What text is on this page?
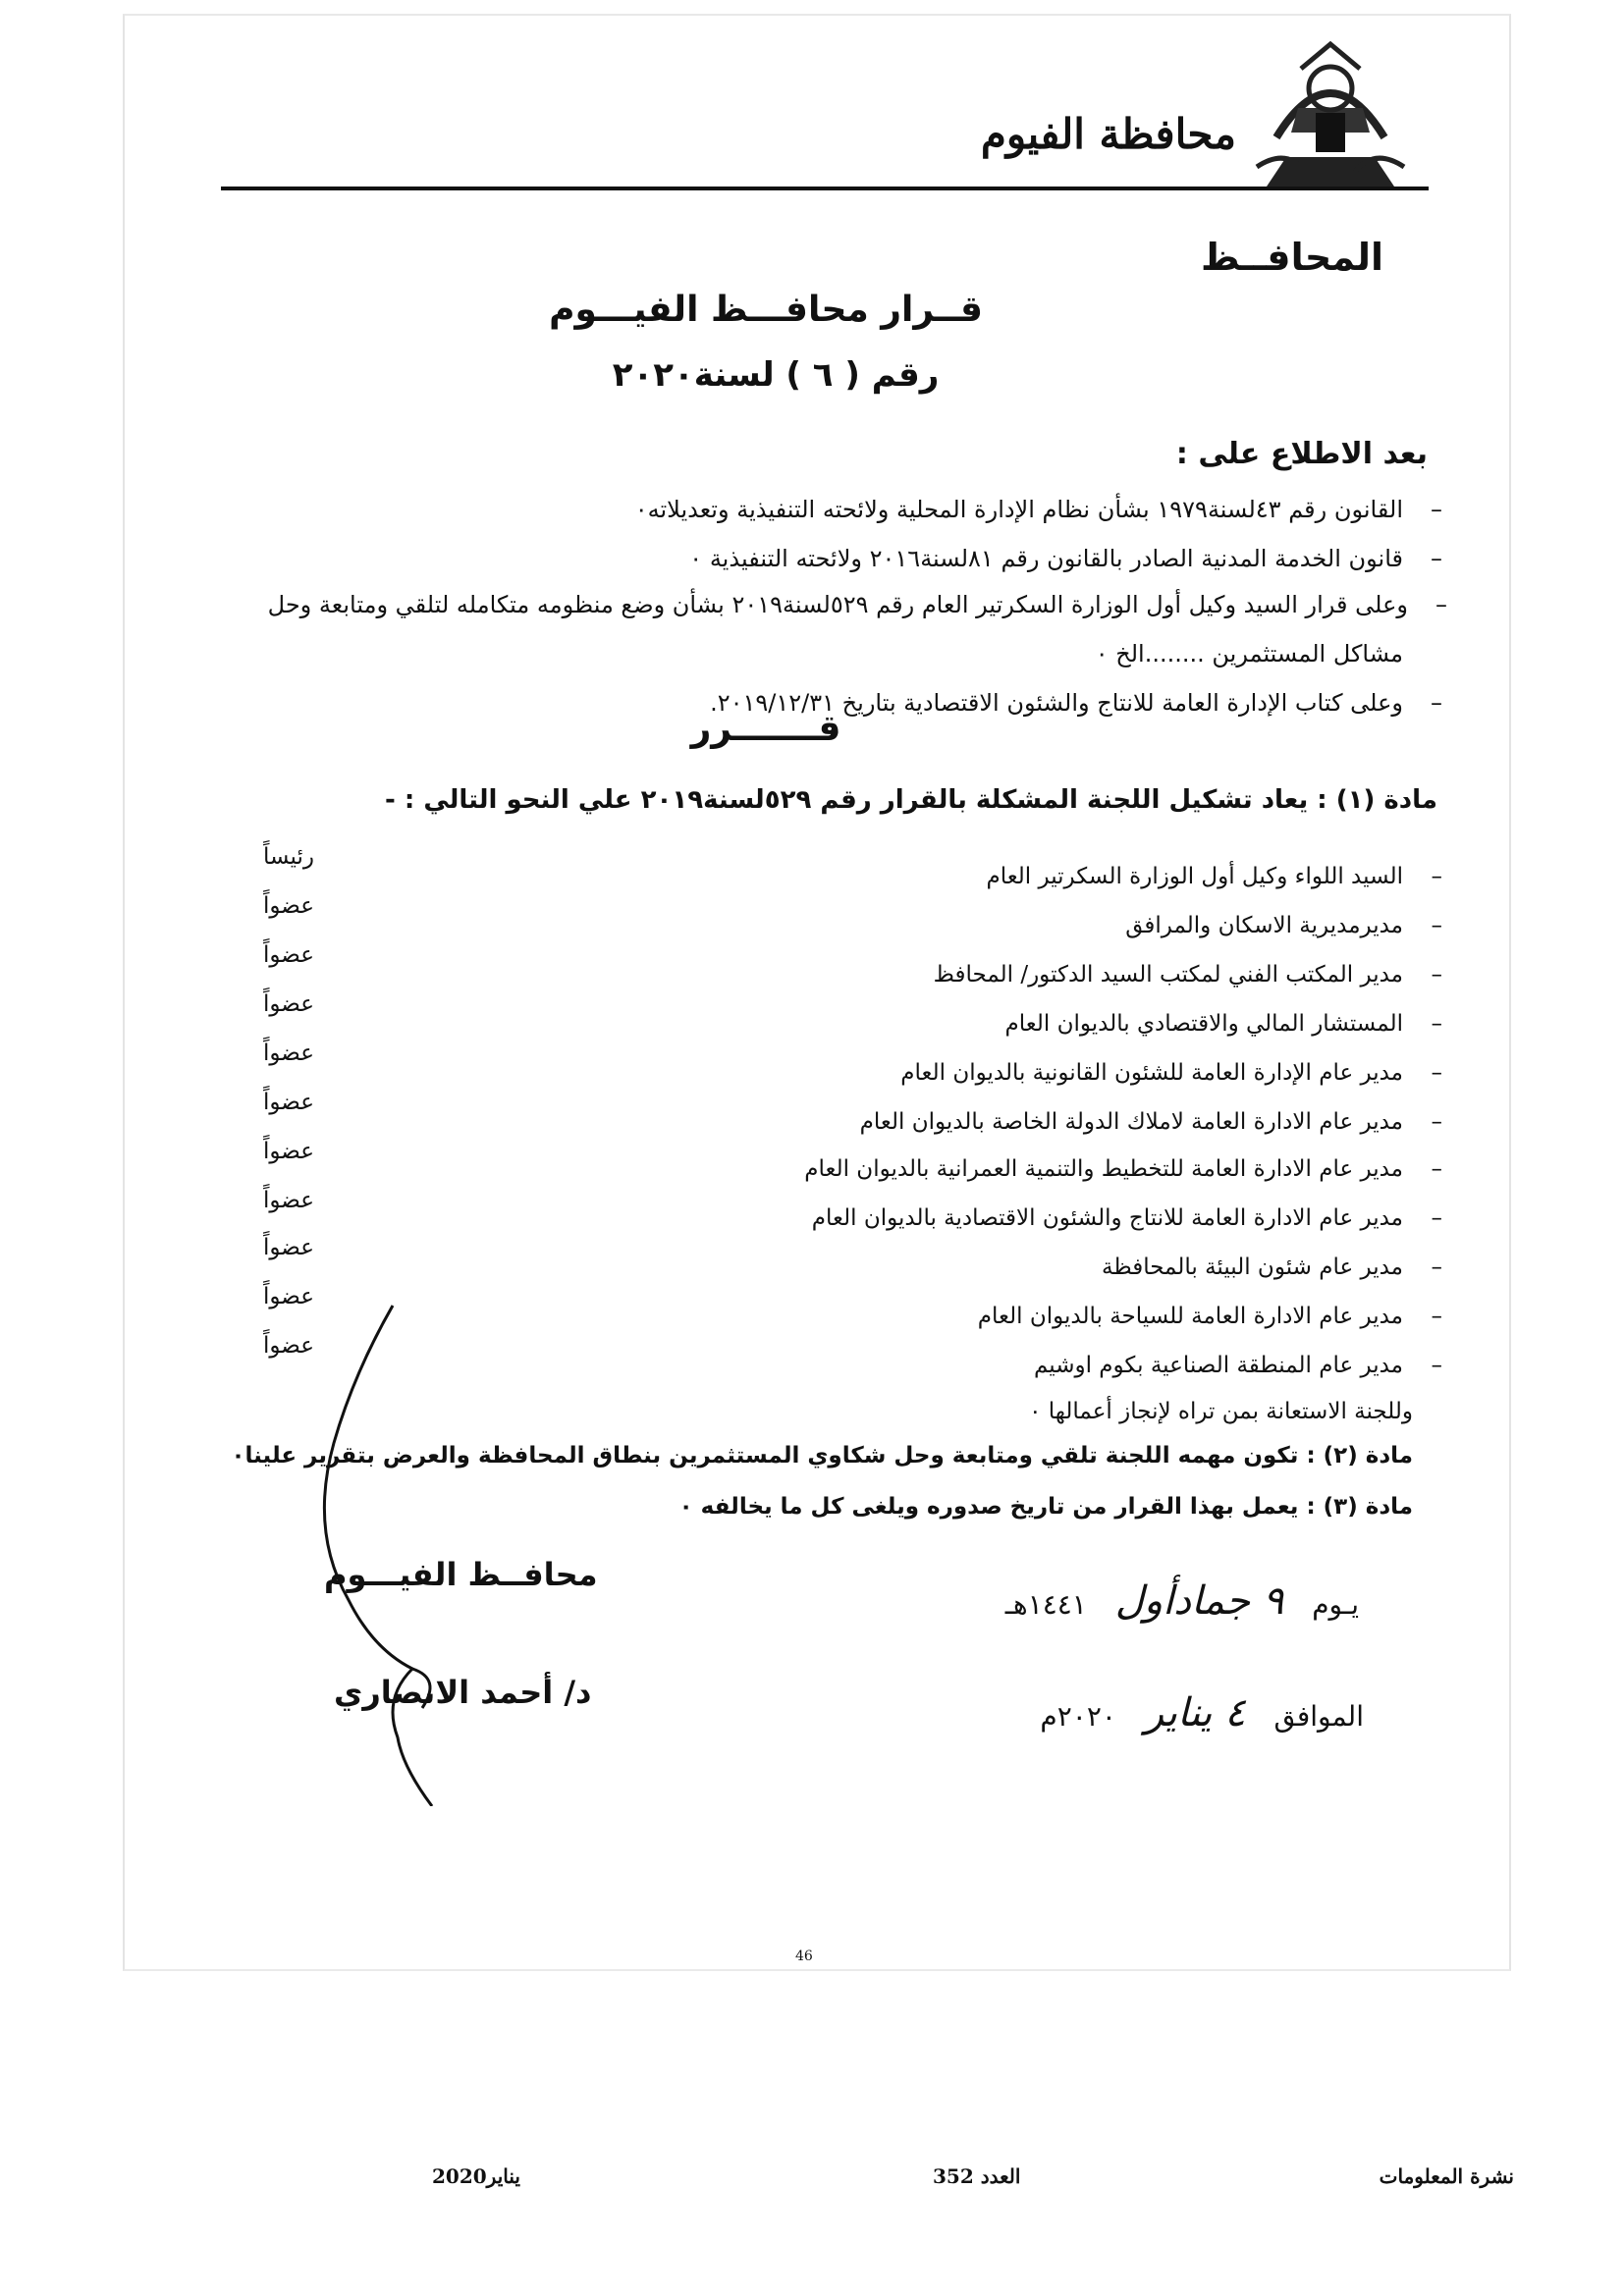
محافظة الفيوم
المحافــظ
قــرار محافـــظ الفيـــوم
رقم ( ٦ ) لسنة٢٠٢٠
بعد الاطلاع على :
–
القانون رقم ٤٣لسنة١٩٧٩ بشأن نظام الإدارة المحلية ولائحته التنفيذية وتعديلاته٠
–
قانون الخدمة المدنية الصادر بالقانون رقم ٨١لسنة٢٠١٦ ولائحته التنفيذية ٠
–
وعلى قرار السيد وكيل أول الوزارة السكرتير العام رقم ٥٢٩لسنة٢٠١٩ بشأن وضع منظومه متكامله لتلقي ومتابعة وحل
مشاكل المستثمرين ........الخ ٠
–
وعلى كتاب الإدارة العامة للانتاج والشئون الاقتصادية بتاريخ ٢٠١٩/١٢/٣١.
قـــــــرر
مادة (١) : يعاد تشكيل اللجنة المشكلة بالقرار رقم ٥٢٩لسنة٢٠١٩ علي النحو التالي : -
–
السيد اللواء وكيل أول الوزارة السكرتير العام
رئيساً
–
مديرمديرية الاسكان والمرافق
عضواً
–
مدير المكتب الفني لمكتب السيد الدكتور/ المحافظ
عضواً
–
المستشار المالي والاقتصادي بالديوان العام
عضواً
–
مدير عام الإدارة العامة للشئون القانونية بالديوان العام
عضواً
–
مدير عام الادارة العامة لاملاك الدولة الخاصة بالديوان العام
عضواً
–
مدير عام الادارة العامة للتخطيط والتنمية العمرانية بالديوان العام
عضواً
–
مدير عام الادارة العامة للانتاج والشئون الاقتصادية بالديوان العام
عضواً
–
مدير عام شئون البيئة بالمحافظة
عضواً
–
مدير عام الادارة العامة للسياحة بالديوان العام
عضواً
–
مدير عام المنطقة الصناعية بكوم اوشيم
عضواً
وللجنة الاستعانة بمن تراه لإنجاز أعمالها ٠
مادة (٢) : تكون مهمه اللجنة تلقي ومتابعة وحل شكاوي المستثمرين بنطاق المحافظة والعرض بتقرير علينا٠
مادة (٣) : يعمل بهذا القرار من تاريخ صدوره ويلغى كل ما يخالفه ٠
محافــظ الفيـــوم
د/ أحمد الانصاري
يـوم ٩ جمادأول ١٤٤١هـ
الموافق ٤ يناير ٢٠٢٠م
46
نشرة المعلومات
العدد 352
يناير2020
